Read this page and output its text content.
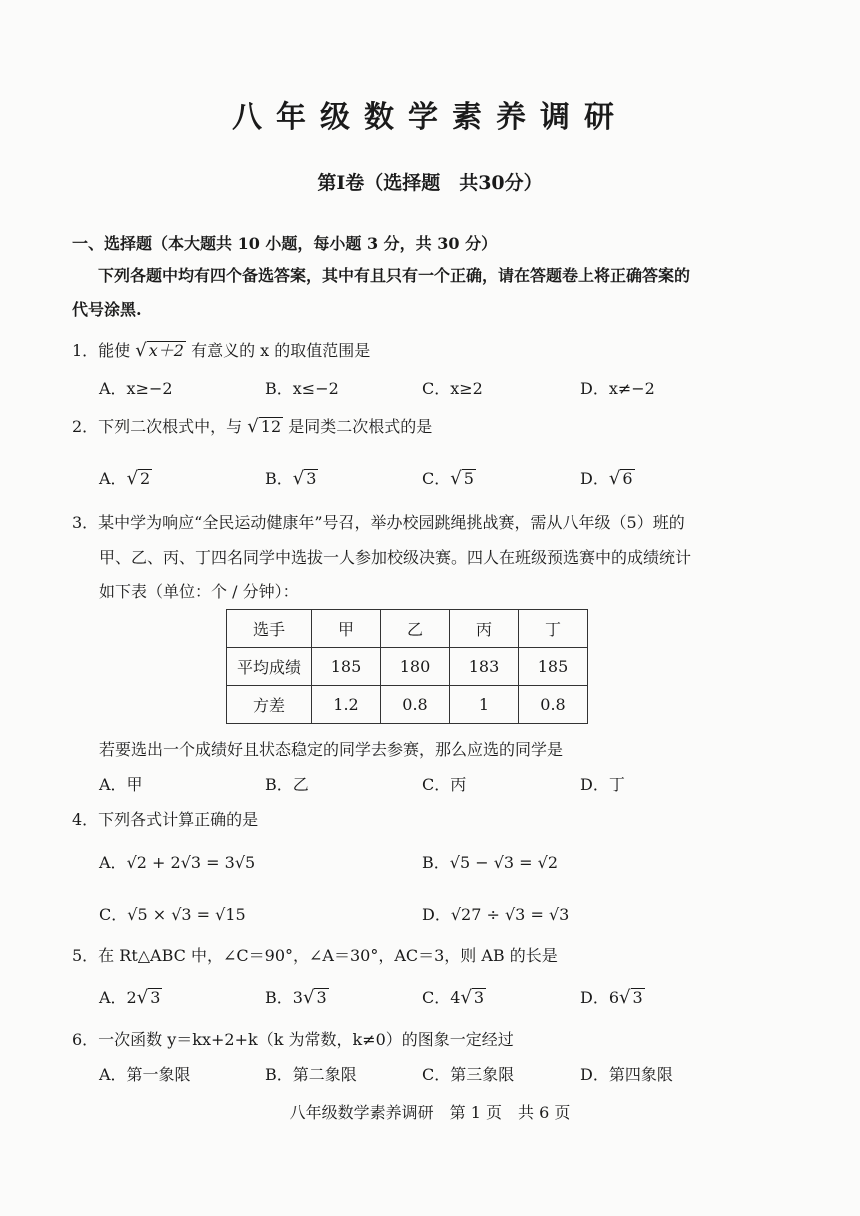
八年级数学素养调研
第Ⅰ卷（选择题　共30分）
一、选择题（本大题共 10 小题，每小题 3 分，共 30 分）
下列各题中均有四个备选答案，其中有且只有一个正确，请在答题卷上将正确答案的
代号涂黑.
1．能使 √ x＋2 有意义的 x 的取值范围是
A．x≥−2	B．x≤−2	C．x≥2	D．x≠−2
2．下列二次根式中，与 √ 12 是同类二次根式的是
A．√ 2	B．√ 3	C．√ 5	D．√ 6
3．某中学为响应“全民运动健康年”号召，举办校园跳绳挑战赛，需从八年级（5）班的
甲、乙、丙、丁四名同学中选拔一人参加校级决赛。四人在班级预选赛中的成绩统计
如下表（单位：个 / 分钟）：
选手	甲	乙	丙	丁
平均成绩	185	180	183	185
方差	1.2	0.8	1	0.8
若要选出一个成绩好且状态稳定的同学去参赛，那么应选的同学是
A．甲	B．乙	C．丙	D．丁
4．下列各式计算正确的是
A．√2 + 2√3 = 3√5	B．√5 − √3 = √2
C．√5 × √3 = √15	D．√27 ÷ √3 = √3
5．在 Rt△ABC 中，∠C＝90°，∠A＝30°，AC＝3，则 AB 的长是
A．2√ 3	B．3√ 3	C．4√ 3	D．6√ 3
6．一次函数 y＝kx+2+k（k 为常数，k≠0）的图象一定经过
A．第一象限	B．第二象限	C．第三象限	D．第四象限
八年级数学素养调研　第 1 页　共 6 页
